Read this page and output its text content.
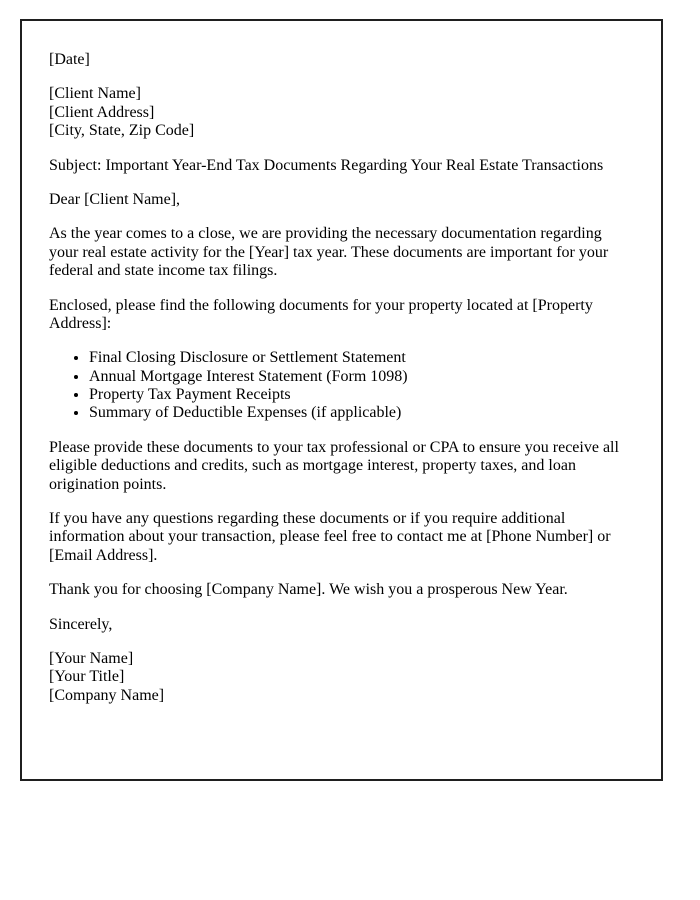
[Date]
[Client Name]
[Client Address]
[City, State, Zip Code]

Subject: Important Year-End Tax Documents Regarding Your Real Estate Transactions

Dear [Client Name],

As the year comes to a close, we are providing the necessary documentation regarding your real estate activity for the [Year] tax year. These documents are important for your federal and state income tax filings.

Enclosed, please find the following documents for your property located at [Property Address]:

• Final Closing Disclosure or Settlement Statement
• Annual Mortgage Interest Statement (Form 1098)
• Property Tax Payment Receipts
• Summary of Deductible Expenses (if applicable)

Please provide these documents to your tax professional or CPA to ensure you receive all eligible deductions and credits, such as mortgage interest, property taxes, and loan origination points.

If you have any questions regarding these documents or if you require additional information about your transaction, please feel free to contact me at [Phone Number] or [Email Address].

Thank you for choosing [Company Name]. We wish you a prosperous New Year.

Sincerely,

[Your Name]
[Your Title]
[Company Name]
